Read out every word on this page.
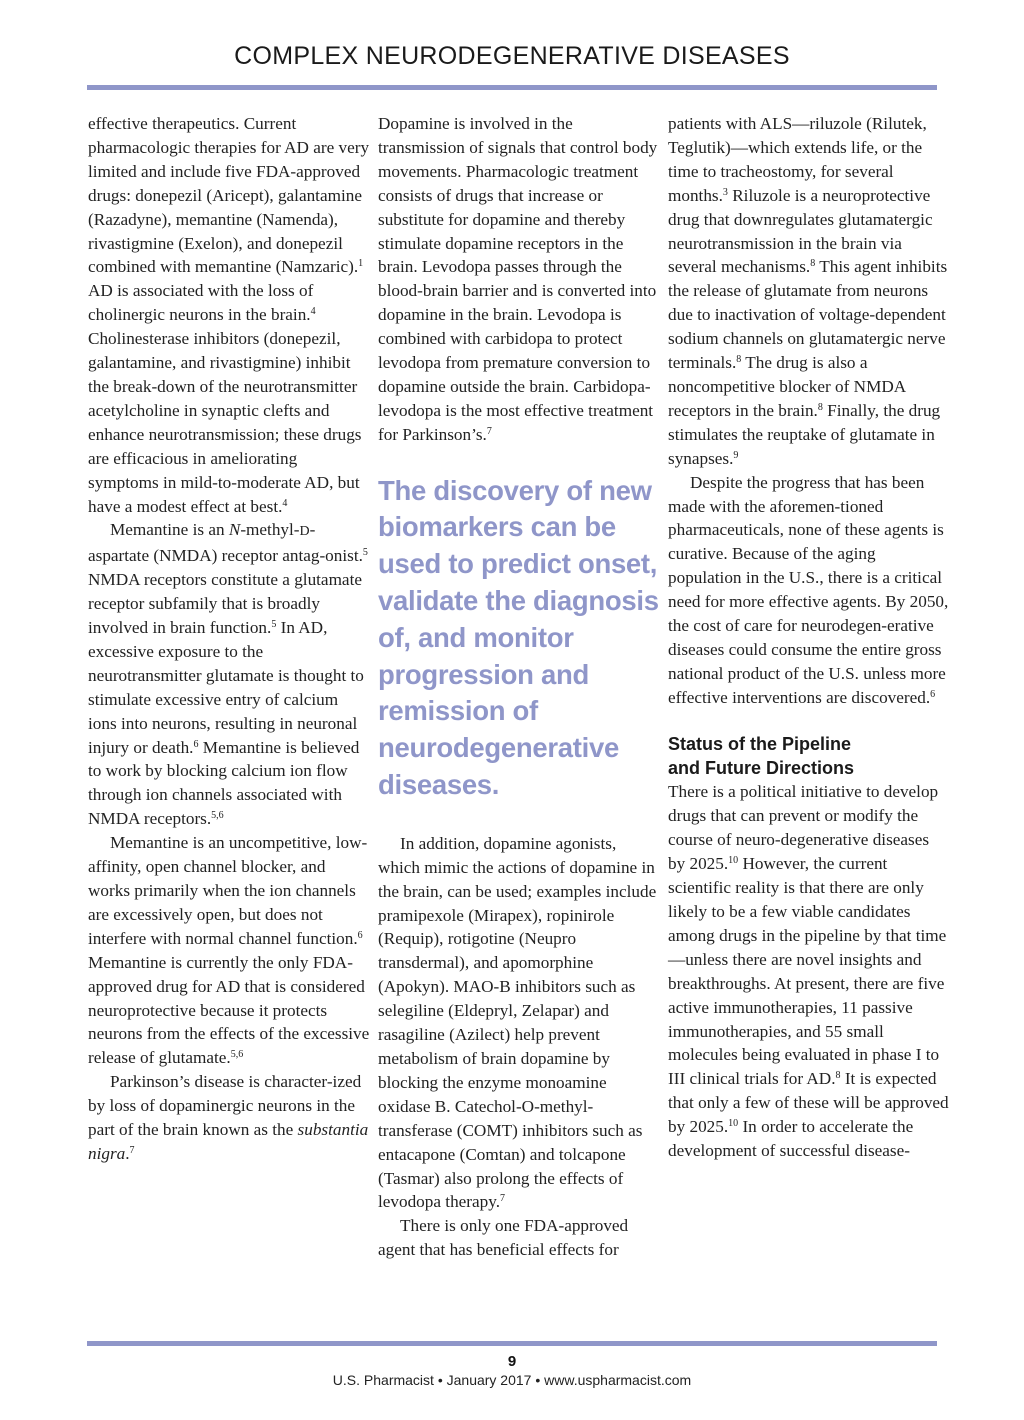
COMPLEX NEURODEGENERATIVE DISEASES

effective therapeutics. Current pharmacologic therapies for AD are very limited and include five FDA-approved drugs: donepezil (Aricept), galantamine (Razadyne), memantine (Namenda), rivastigmine (Exelon), and donepezil combined with memantine (Namzaric).$^1$ AD is associated with the loss of cholinergic neurons in the brain.$^4$ Cholinesterase inhibitors (donepezil, galantamine, and rivastigmine) inhibit the break-down of the neurotransmitter acetylcholine in synaptic clefts and enhance neurotransmission; these drugs are efficacious in ameliorating symptoms in mild-to-moderate AD, but have a modest effect at best.$^4$

Memantine is an N-methyl-D-aspartate (NMDA) receptor antag-onist.$^5$ NMDA receptors constitute a glutamate receptor subfamily that is broadly involved in brain function.$^5$ In AD, excessive exposure to the neurotransmitter glutamate is thought to stimulate excessive entry of calcium ions into neurons, resulting in neuronal injury or death.$^6$ Memantine is believed to work by blocking calcium ion flow through ion channels associated with NMDA receptors.$^{5,6}$

Memantine is an uncompetitive, low-affinity, open channel blocker, and works primarily when the ion channels are excessively open, but does not interfere with normal channel function.$^6$ Memantine is currently the only FDA-approved drug for AD that is considered neuroprotective because it protects neurons from the effects of the excessive release of glutamate.$^{5,6}$

Parkinson’s disease is character-ized by loss of dopaminergic neurons in the part of the brain known as the substantia nigra.$^7$

Dopamine is involved in the transmission of signals that control body movements. Pharmacologic treatment consists of drugs that increase or substitute for dopamine and thereby stimulate dopamine receptors in the brain. Levodopa passes through the blood-brain barrier and is converted into dopamine in the brain. Levodopa is combined with carbidopa to protect levodopa from premature conversion to dopamine outside the brain. Carbidopa-levodopa is the most effective treatment for Parkinson’s.$^7$

The discovery of new biomarkers can be used to predict onset, validate the diagnosis of, and monitor progression and remission of neurodegenerative diseases.

In addition, dopamine agonists, which mimic the actions of dopamine in the brain, can be used; examples include pramipexole (Mirapex), ropinirole (Requip), rotigotine (Neupro transdermal), and apomorphine (Apokyn). MAO-B inhibitors such as selegiline (Eldepryl, Zelapar) and rasagiline (Azilect) help prevent metabolism of brain dopamine by blocking the enzyme monoamine oxidase B. Catechol-O-methyl-transferase (COMT) inhibitors such as entacapone (Comtan) and tolcapone (Tasmar) also prolong the effects of levodopa therapy.$^7$

There is only one FDA-approved agent that has beneficial effects for

patients with ALS—riluzole (Rilutek, Teglutik)—which extends life, or the time to tracheostomy, for several months.$^3$ Riluzole is a neuroprotective drug that downregulates glutamatergic neurotransmission in the brain via several mechanisms.$^8$ This agent inhibits the release of glutamate from neurons due to inactivation of voltage-dependent sodium channels on glutamatergic nerve terminals.$^8$ The drug is also a noncompetitive blocker of NMDA receptors in the brain.$^8$ Finally, the drug stimulates the reuptake of glutamate in synapses.$^9$

Despite the progress that has been made with the aforemen-tioned pharmaceuticals, none of these agents is curative. Because of the aging population in the U.S., there is a critical need for more effective agents. By 2050, the cost of care for neurodegen-erative diseases could consume the entire gross national product of the U.S. unless more effective interventions are discovered.$^6$

Status of the Pipeline
and Future Directions

There is a political initiative to develop drugs that can prevent or modify the course of neuro-degenerative diseases by 2025.10 However, the current scientific reality is that there are only likely to be a few viable candidates among drugs in the pipeline by that time—unless there are novel insights and breakthroughs. At present, there are five active immunotherapies, 11 passive immunotherapies, and 55 small molecules being evaluated in phase I to III clinical trials for AD.$^8$ It is expected that only a few of these will be approved by 2025.10 In order to accelerate the development of successful disease-

9
U.S. Pharmacist • January 2017 • www.uspharmacist.com
